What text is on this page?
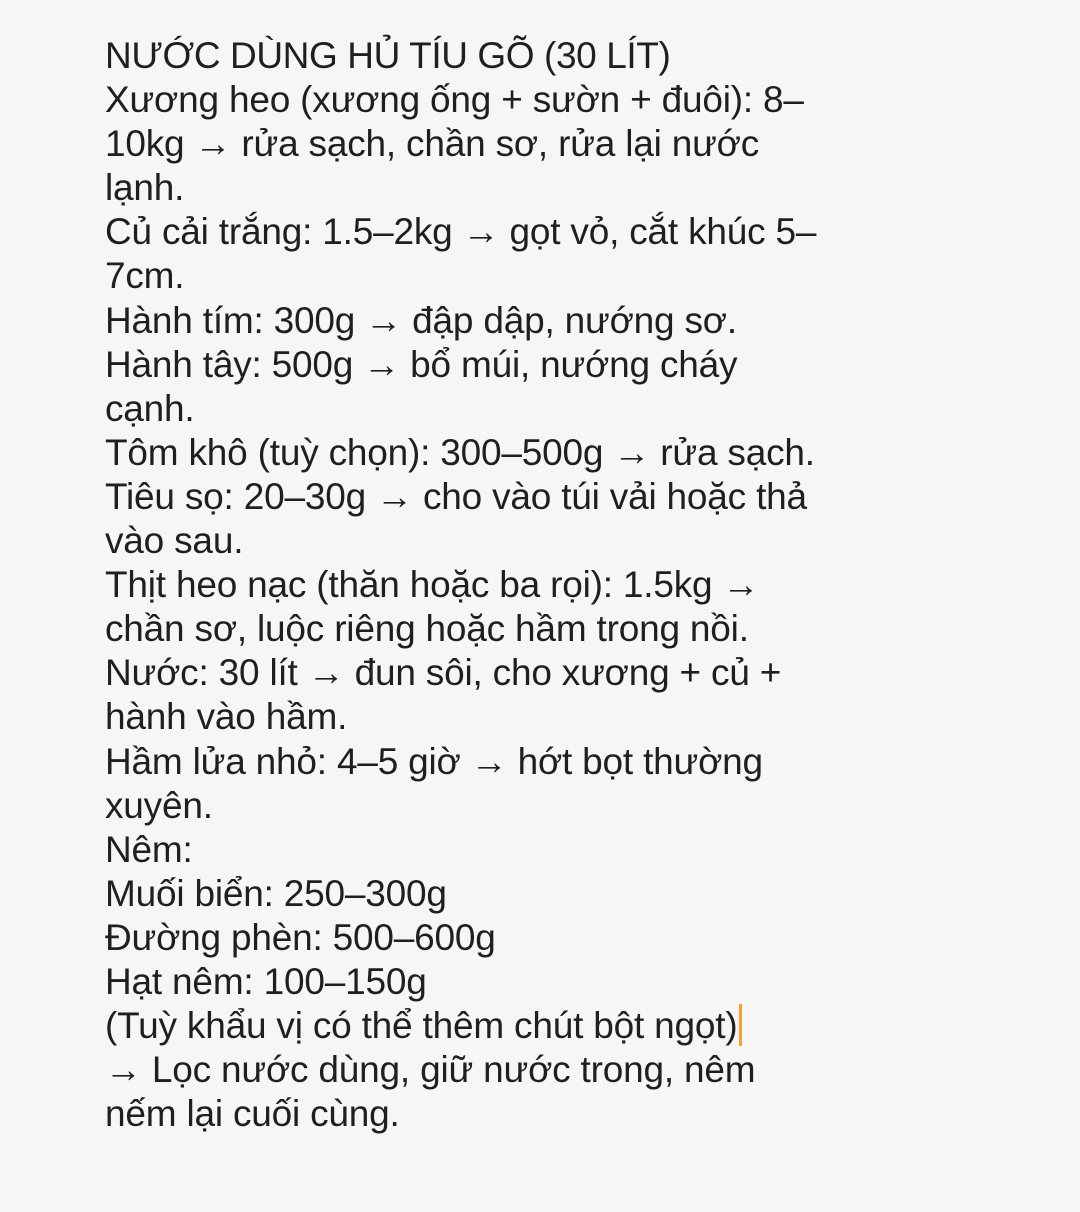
NƯỚC DÙNG HỦ TÍU GÕ (30 LÍT)
Xương heo (xương ống + sườn + đuôi): 8–10kg → rửa sạch, chần sơ, rửa lại nước lạnh.
Củ cải trắng: 1.5–2kg → gọt vỏ, cắt khúc 5–7cm.
Hành tím: 300g → đập dập, nướng sơ.
Hành tây: 500g → bổ múi, nướng cháy cạnh.
Tôm khô (tuỳ chọn): 300–500g → rửa sạch.
Tiêu sọ: 20–30g → cho vào túi vải hoặc thả vào sau.
Thịt heo nạc (thăn hoặc ba rọi): 1.5kg → chần sơ, luộc riêng hoặc hầm trong nồi.
Nước: 30 lít → đun sôi, cho xương + củ + hành vào hầm.
Hầm lửa nhỏ: 4–5 giờ → hớt bọt thường xuyên.
Nêm:
Muối biển: 250–300g
Đường phèn: 500–600g
Hạt nêm: 100–150g
(Tuỳ khẩu vị có thể thêm chút bột ngọt)
→ Lọc nước dùng, giữ nước trong, nêm nếm lại cuối cùng.
